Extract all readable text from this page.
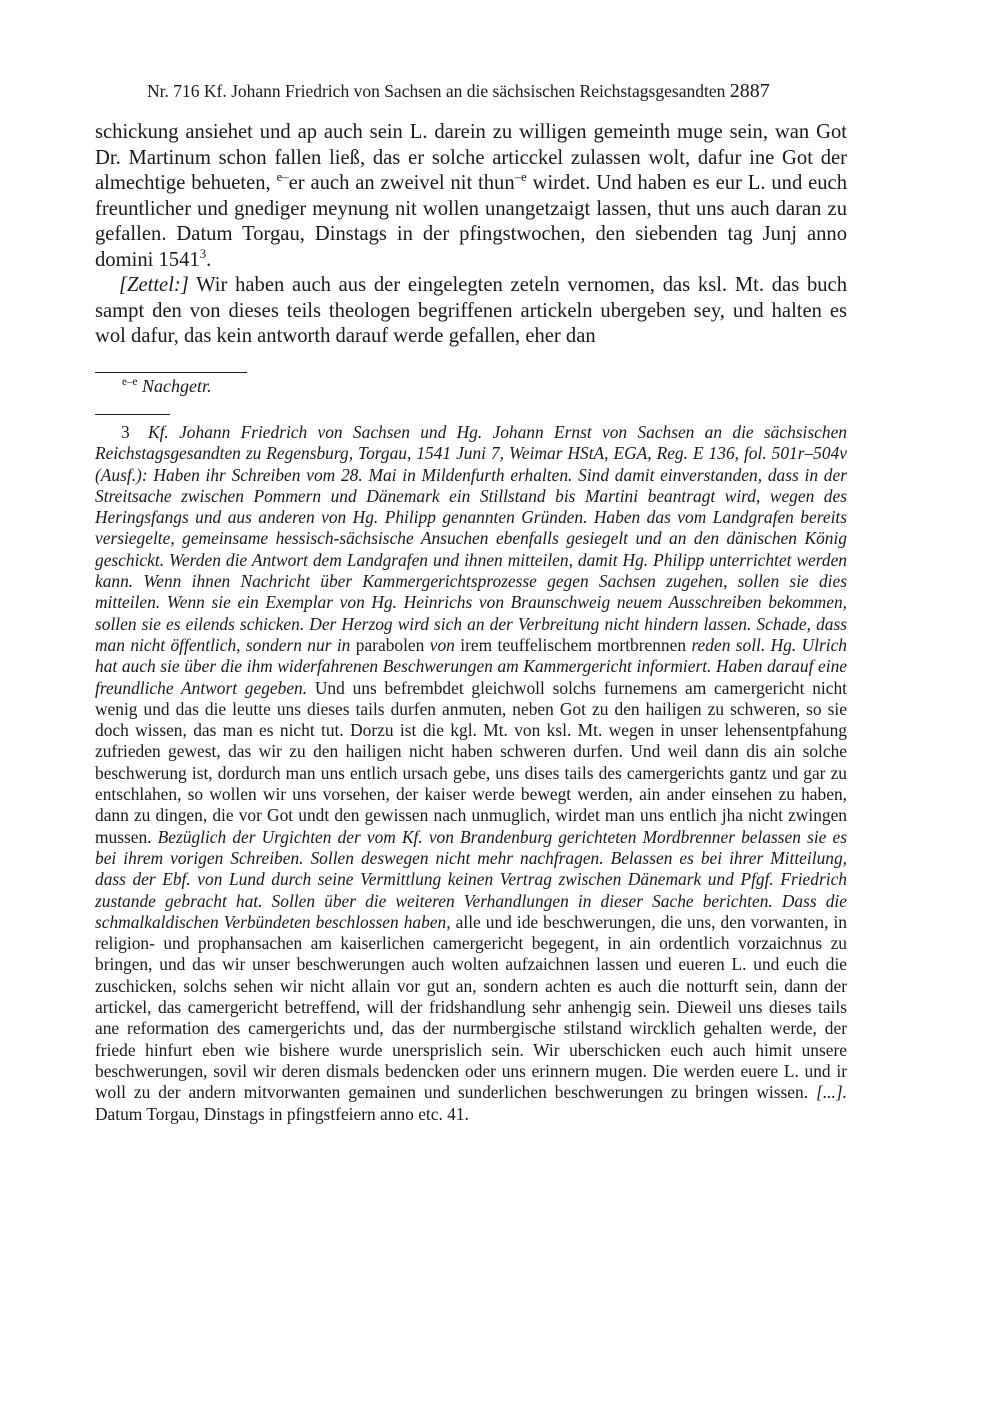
Nr. 716 Kf. Johann Friedrich von Sachsen an die sächsischen Reichstagsgesandten 2887

schickung ansiehet und ap auch sein L. darein zu willigen gemeinth muge sein, wan Got Dr. Martinum schon fallen ließ, das er solche articckel zulassen wolt, dafur ine Got der almechtige behueten, $^{e-}$er auch an zweivel nit thun$^{-e}$ wirdet. Und haben es eur L. und euch freuntlicher und gnediger meynung nit wollen unangetzaigt lassen, thut uns auch daran zu gefallen. Datum Torgau, Dinstags in der pfingstwochen, den siebenden tag Junj anno domini 1541$^3$.

[Zettel:] Wir haben auch aus der eingelegten zeteln vernomen, das ksl. Mt. das buch sampt den von dieses teils theologen begriffenen artickeln ubergeben sey, und halten es wol dafur, das kein antworth darauf werde gefallen, eher dan

$^{e-e}$ Nachgetr.
3 Kf. Johann Friedrich von Sachsen und Hg. Johann Ernst von Sachsen an die sächsischen Reichstagsgesandten zu Regensburg, Torgau, 1541 Juni 7, Weimar HStA, EGA, Reg. E 136, fol. 501r–504v (Ausf.): Haben ihr Schreiben vom 28. Mai in Mildenfurth erhalten. Sind damit einverstanden, dass in der Streitsache zwischen Pommern und Dänemark ein Stillstand bis Martini beantragt wird, wegen des Heringsfangs und aus anderen von Hg. Philipp genannten Gründen. Haben das vom Landgrafen bereits versiegelte, gemeinsame hessisch-sächsische Ansuchen ebenfalls gesiegelt und an den dänischen König geschickt. Werden die Antwort dem Landgrafen und ihnen mitteilen, damit Hg. Philipp unterrichtet werden kann. Wenn ihnen Nachricht über Kammergerichtsprozesse gegen Sachsen zugehen, sollen sie dies mitteilen. Wenn sie ein Exemplar von Hg. Heinrichs von Braunschweig neuem Ausschreiben bekommen, sollen sie es eilends schicken. Der Herzog wird sich an der Verbreitung nicht hindern lassen. Schade, dass man nicht öffentlich, sondern nur in parabolen von irem teuffelischem mortbrennen reden soll. Hg. Ulrich hat auch sie über die ihm widerfahrenen Beschwerungen am Kammergericht informiert. Haben darauf eine freundliche Antwort gegeben. Und uns befrembdet gleichwoll solchs furnemens am camergericht nicht wenig und das die leutte uns dieses tails durfen anmuten, neben Got zu den hailigen zu schweren, so sie doch wissen, das man es nicht tut. Dorzu ist die kgl. Mt. von ksl. Mt. wegen in unser lehensentpfahung zufrieden gewest, das wir zu den hailigen nicht haben schweren durfen. Und weil dann dis ain solche beschwerung ist, dordurch man uns entlich ursach gebe, uns dises tails des camergerichts gantz und gar zu entschlahen, so wollen wir uns vorsehen, der kaiser werde bewegt werden, ain ander einsehen zu haben, dann zu dingen, die vor Got undt den gewissen nach unmuglich, wirdet man uns entlich jha nicht zwingen mussen. Bezüglich der Urgichten der vom Kf. von Brandenburg gerichteten Mordbrenner belassen sie es bei ihrem vorigen Schreiben. Sollen deswegen nicht mehr nachfragen. Belassen es bei ihrer Mitteilung, dass der Ebf. von Lund durch seine Vermittlung keinen Vertrag zwischen Dänemark und Pfgf. Friedrich zustande gebracht hat. Sollen über die weiteren Verhandlungen in dieser Sache berichten. Dass die schmalkaldischen Verbündeten beschlossen haben, alle und ide beschwerungen, die uns, den vorwanten, in religion- und prophansachen am kaiserlichen camergericht begegent, in ain ordentlich vorzaichnus zu bringen, und das wir unser beschwerungen auch wolten aufzaichnen lassen und eueren L. und euch die zuschicken, solchs sehen wir nicht allain vor gut an, sondern achten es auch die notturft sein, dann der artickel, das camergericht betreffend, will der fridshandlung sehr anhengig sein. Dieweil uns dieses tails ane reformation des camergerichts und, das der nurmbergische stilstand wircklich gehalten werde, der friede hinfurt eben wie bishere wurde unersprislich sein. Wir uberschicken euch auch himit unsere beschwerungen, sovil wir deren dismals bedencken oder uns erinnern mugen. Die werden euere L. und ir woll zu der andern mitvorwanten gemainen und sunderlichen beschwerungen zu bringen wissen. [...]. Datum Torgau, Dinstags in pfingstfeiern anno etc. 41.
